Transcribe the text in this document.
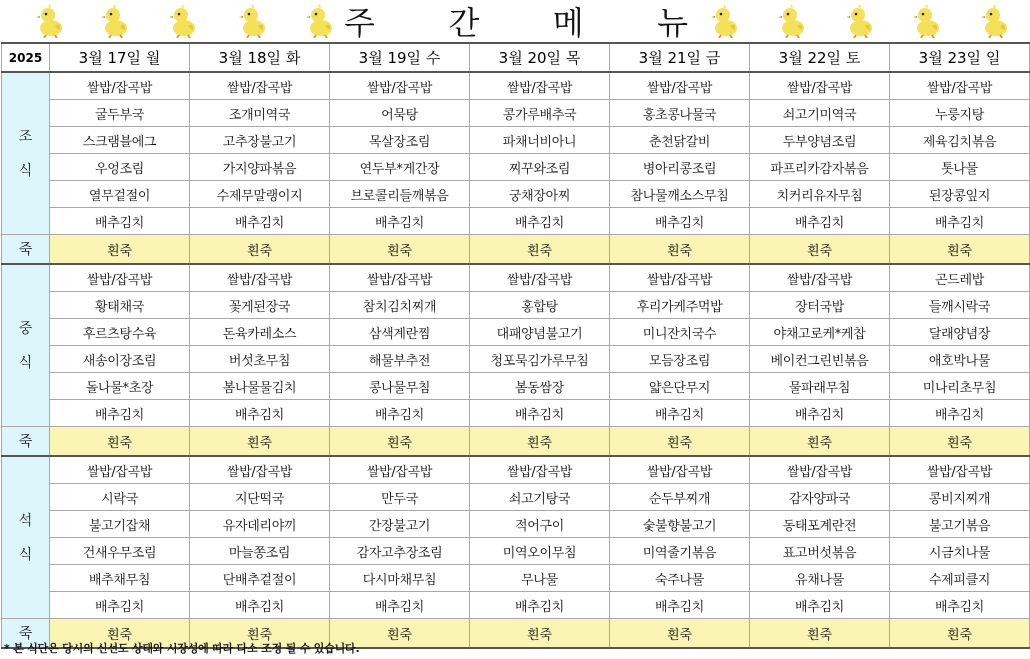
주 간 메 뉴
2025	3월 17일 월	3월 18일 화	3월 19일 수	3월 20일 목	3월 21일 금	3월 22일 토	3월 23일 일

조
식	쌀밥/잡곡밥	쌀밥/잡곡밥	쌀밥/잡곡밥	쌀밥/잡곡밥	쌀밥/잡곡밥	쌀밥/잡곡밥	쌀밥/잡곡밥
	굴두부국	조개미역국	어묵탕	콩가루배추국	홍초콩나물국	쇠고기미역국	누룽지탕
	스크램블에그	고추장불고기	목살장조림	파채너비아니	춘천닭갈비	두부양념조림	제육김치볶음
	우엉조림	가지양파볶음	연두부*게간장	찌꾸와조림	병아리콩조림	파프리카감자볶음	톳나물
	열무겉절이	수제무말랭이지	브로콜리들깨볶음	궁채장아찌	참나물깨소스무침	치커리유자무침	된장콩잎지
	배추김치	배추김치	배추김치	배추김치	배추김치	배추김치	배추김치
죽	흰죽	흰죽	흰죽	흰죽	흰죽	흰죽	흰죽

중
식	쌀밥/잡곡밥	쌀밥/잡곡밥	쌀밥/잡곡밥	쌀밥/잡곡밥	쌀밥/잡곡밥	쌀밥/잡곡밥	곤드레밥
	황태채국	꽃게된장국	참치김치찌개	홍합탕	후리가케주먹밥	장터국밥	들깨시락국
	후르츠탕수육	돈육카레소스	삼색계란찜	대패양념불고기	미니잔치국수	야채고로케*케찹	달래양념장
	새송이장조림	버섯초무침	해물부추전	청포묵김가루무침	모듬장조림	베이컨그린빈볶음	애호박나물
	돌나물*초장	봄나물물김치	콩나물무침	봄동쌈장	얇은단무지	물파래무침	미나리초무침
	배추김치	배추김치	배추김치	배추김치	배추김치	배추김치	배추김치
죽	흰죽	흰죽	흰죽	흰죽	흰죽	흰죽	흰죽

석
식	쌀밥/잡곡밥	쌀밥/잡곡밥	쌀밥/잡곡밥	쌀밥/잡곡밥	쌀밥/잡곡밥	쌀밥/잡곡밥	쌀밥/잡곡밥
	시락국	지단떡국	만두국	쇠고기탕국	순두부찌개	감자양파국	콩비지찌개
	불고기잡채	유자데리야끼	간장불고기	적어구이	숯불향불고기	동태포계란전	불고기볶음
	건새우무조림	마늘쫑조림	감자고추장조림	미역오이무침	미역줄기볶음	표고버섯볶음	시금치나물
	배추채무침	단배추겉절이	다시마채무침	무나물	숙주나물	유채나물	수제피클지
	배추김치	배추김치	배추김치	배추김치	배추김치	배추김치	배추김치
죽	흰죽	흰죽	흰죽	흰죽	흰죽	흰죽	흰죽
* 본 식단은 당시의 신선도 상태와 시장성에 따라 다소 조정 될 수 있습니다.
